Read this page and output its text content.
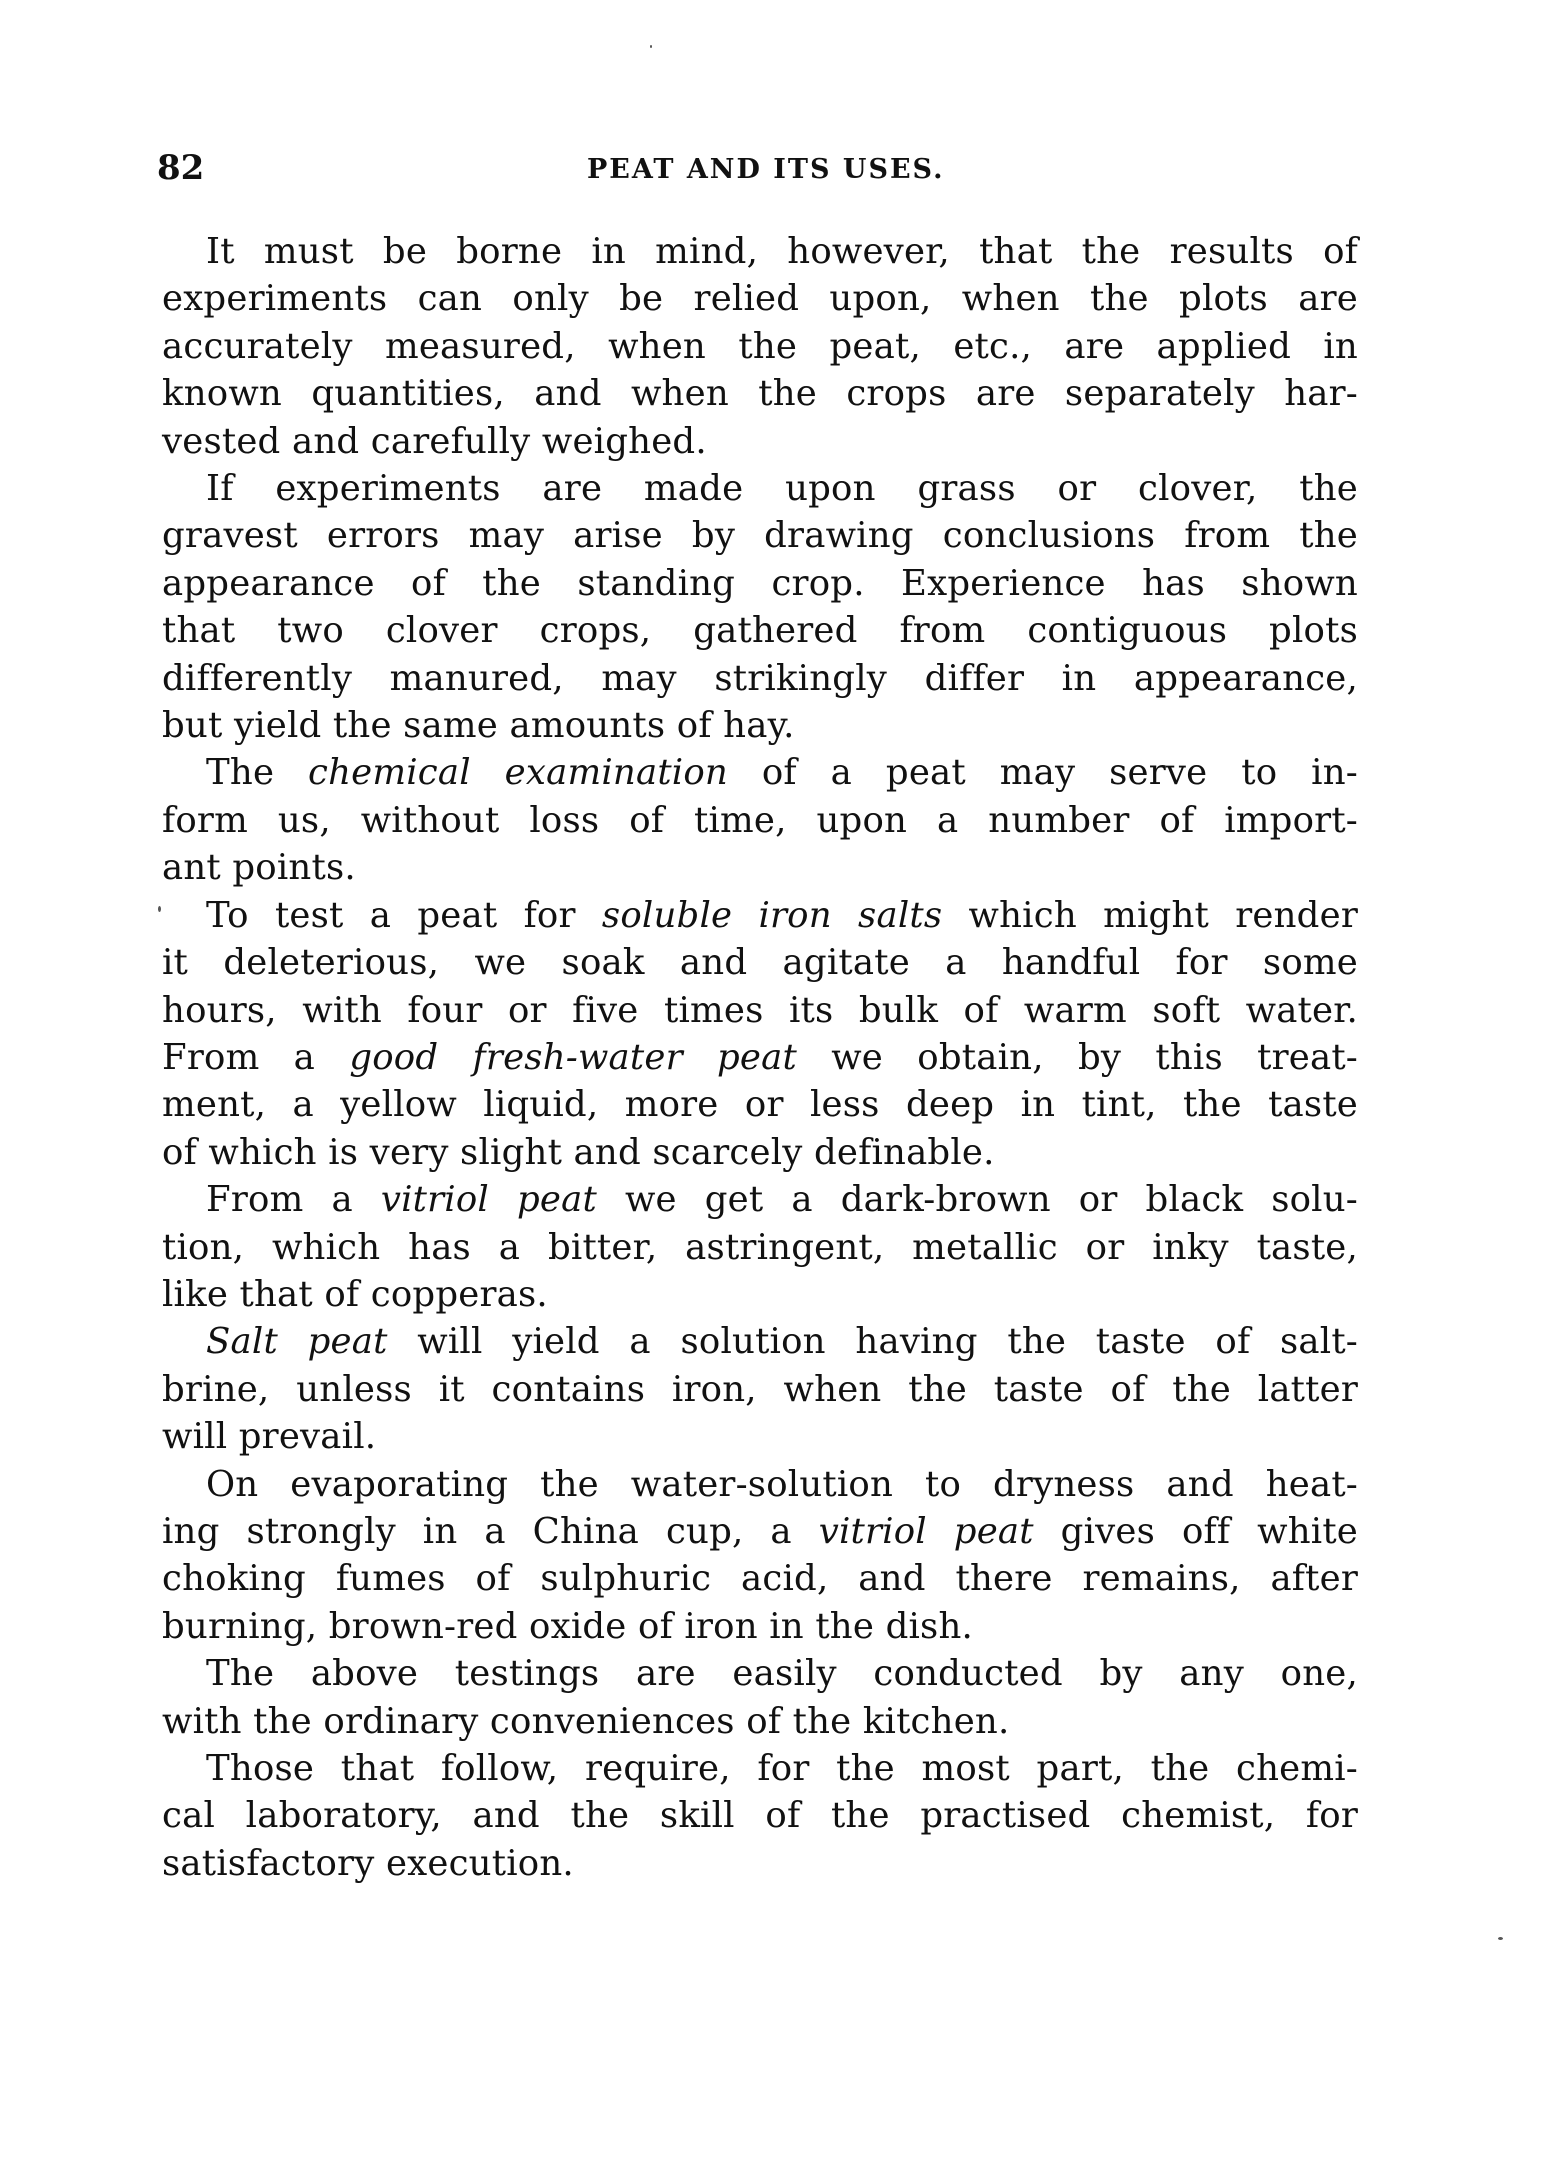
82	PEAT AND ITS USES.
It must be borne in mind, however, that the results of
experiments can only be relied upon, when the plots are
accurately measured, when the peat, etc., are applied in
known quantities, and when the crops are separately har-
vested and carefully weighed.
If experiments are made upon grass or clover, the
gravest errors may arise by drawing conclusions from the
appearance of the standing crop. Experience has shown
that two clover crops, gathered from contiguous plots
differently manured, may strikingly differ in appearance,
but yield the same amounts of hay.
The chemical examination of a peat may serve to in-
form us, without loss of time, upon a number of import-
ant points.
To test a peat for soluble iron salts which might render
it deleterious, we soak and agitate a handful for some
hours, with four or five times its bulk of warm soft water.
From a good fresh-water peat we obtain, by this treat-
ment, a yellow liquid, more or less deep in tint, the taste
of which is very slight and scarcely definable.
From a vitriol peat we get a dark-brown or black solu-
tion, which has a bitter, astringent, metallic or inky taste,
like that of copperas.
Salt peat will yield a solution having the taste of salt-
brine, unless it contains iron, when the taste of the latter
will prevail.
On evaporating the water-solution to dryness and heat-
ing strongly in a China cup, a vitriol peat gives off white
choking fumes of sulphuric acid, and there remains, after
burning, brown-red oxide of iron in the dish.
The above testings are easily conducted by any one,
with the ordinary conveniences of the kitchen.
Those that follow, require, for the most part, the chemi-
cal laboratory, and the skill of the practised chemist, for
satisfactory execution.
